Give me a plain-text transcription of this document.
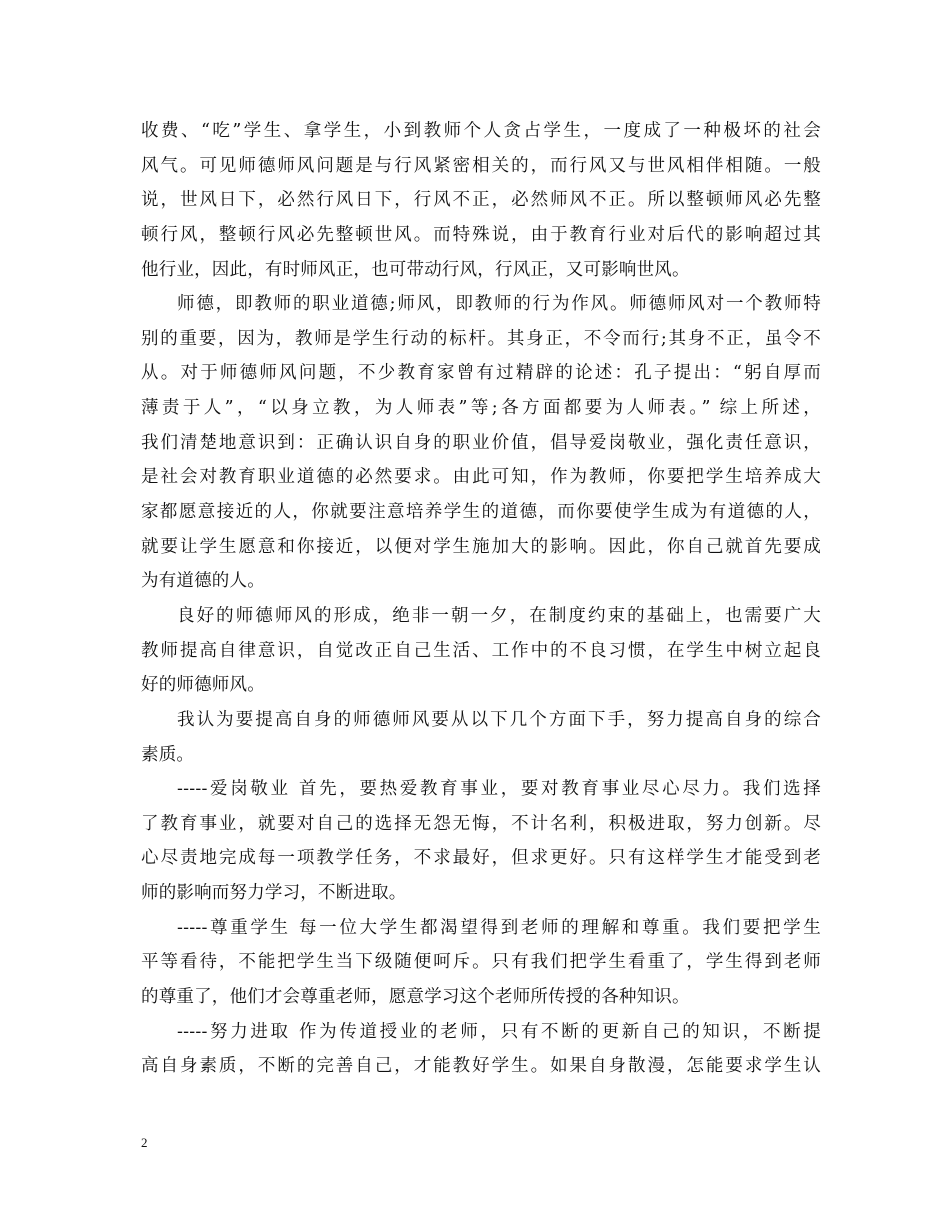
收费、“吃”学生、拿学生，小到教师个人贪占学生，一度成了一种极坏的社会
风气。可见师德师风问题是与行风紧密相关的，而行风又与世风相伴相随。一般
说，世风日下，必然行风日下，行风不正，必然师风不正。所以整顿师风必先整
顿行风，整顿行风必先整顿世风。而特殊说，由于教育行业对后代的影响超过其
他行业，因此，有时师风正，也可带动行风，行风正，又可影响世风。
师德，即教师的职业道德;师风，即教师的行为作风。师德师风对一个教师特
别的重要，因为，教师是学生行动的标杆。其身正，不令而行;其身不正，虽令不
从。对于师德师风问题，不少教育家曾有过精辟的论述：孔子提出：“躬自厚而
薄责于人”，“以身立教，为人师表”等;各方面都要为人师表。” 综上所述，
我们清楚地意识到：正确认识自身的职业价值，倡导爱岗敬业，强化责任意识，
是社会对教育职业道德的必然要求。由此可知，作为教师，你要把学生培养成大
家都愿意接近的人，你就要注意培养学生的道德，而你要使学生成为有道德的人，
就要让学生愿意和你接近，以便对学生施加大的影响。因此，你自己就首先要成
为有道德的人。
良好的师德师风的形成，绝非一朝一夕，在制度约束的基础上，也需要广大
教师提高自律意识，自觉改正自己生活、工作中的不良习惯，在学生中树立起良
好的师德师风。
我认为要提高自身的师德师风要从以下几个方面下手，努力提高自身的综合
素质。
-----爱岗敬业 首先，要热爱教育事业，要对教育事业尽心尽力。我们选择
了教育事业，就要对自己的选择无怨无悔，不计名利，积极进取，努力创新。尽
心尽责地完成每一项教学任务，不求最好，但求更好。只有这样学生才能受到老
师的影响而努力学习，不断进取。
-----尊重学生 每一位大学生都渴望得到老师的理解和尊重。我们要把学生
平等看待，不能把学生当下级随便呵斥。只有我们把学生看重了，学生得到老师
的尊重了，他们才会尊重老师，愿意学习这个老师所传授的各种知识。
-----努力进取 作为传道授业的老师，只有不断的更新自己的知识，不断提
高自身素质，不断的完善自己，才能教好学生。如果自身散漫，怎能要求学生认
2
